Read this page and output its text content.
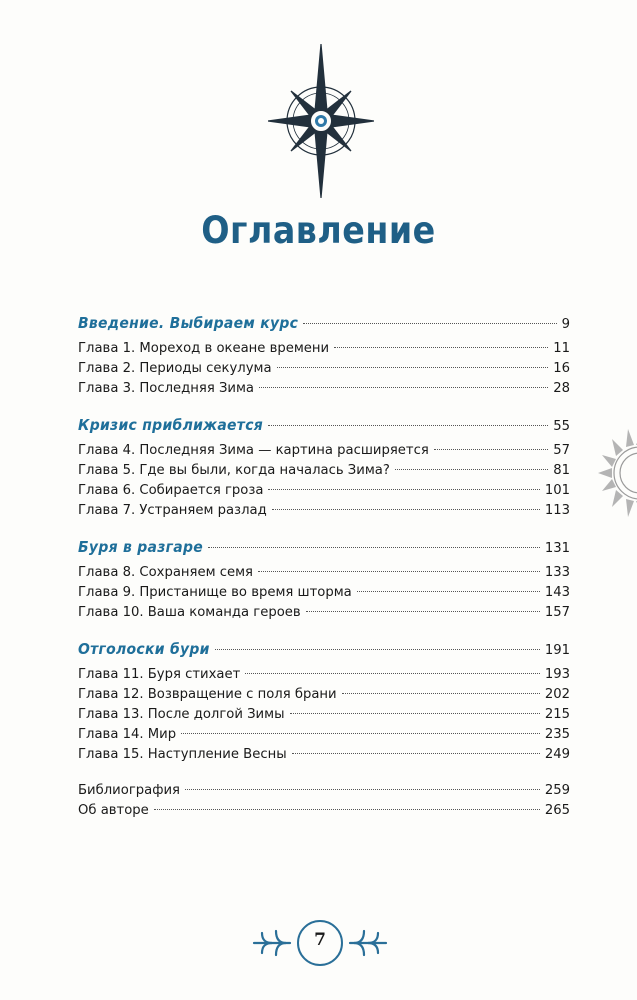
Оглавление
Введение. Выбираем курс	9
Глава 1. Мореход в океане времени	11
Глава 2. Периоды секулума	16
Глава 3. Последняя Зима	28
Кризис приближается	55
Глава 4. Последняя Зима — картина расширяется	57
Глава 5. Где вы были, когда началась Зима?	81
Глава 6. Собирается гроза	101
Глава 7. Устраняем разлад	113
Буря в разгаре	131
Глава 8. Сохраняем семя	133
Глава 9. Пристанище во время шторма	143
Глава 10. Ваша команда героев	157
Отголоски бури	191
Глава 11. Буря стихает	193
Глава 12. Возвращение с поля брани	202
Глава 13. После долгой Зимы	215
Глава 14. Мир	235
Глава 15. Наступление Весны	249
Библиография	259
Об авторе	265
7
